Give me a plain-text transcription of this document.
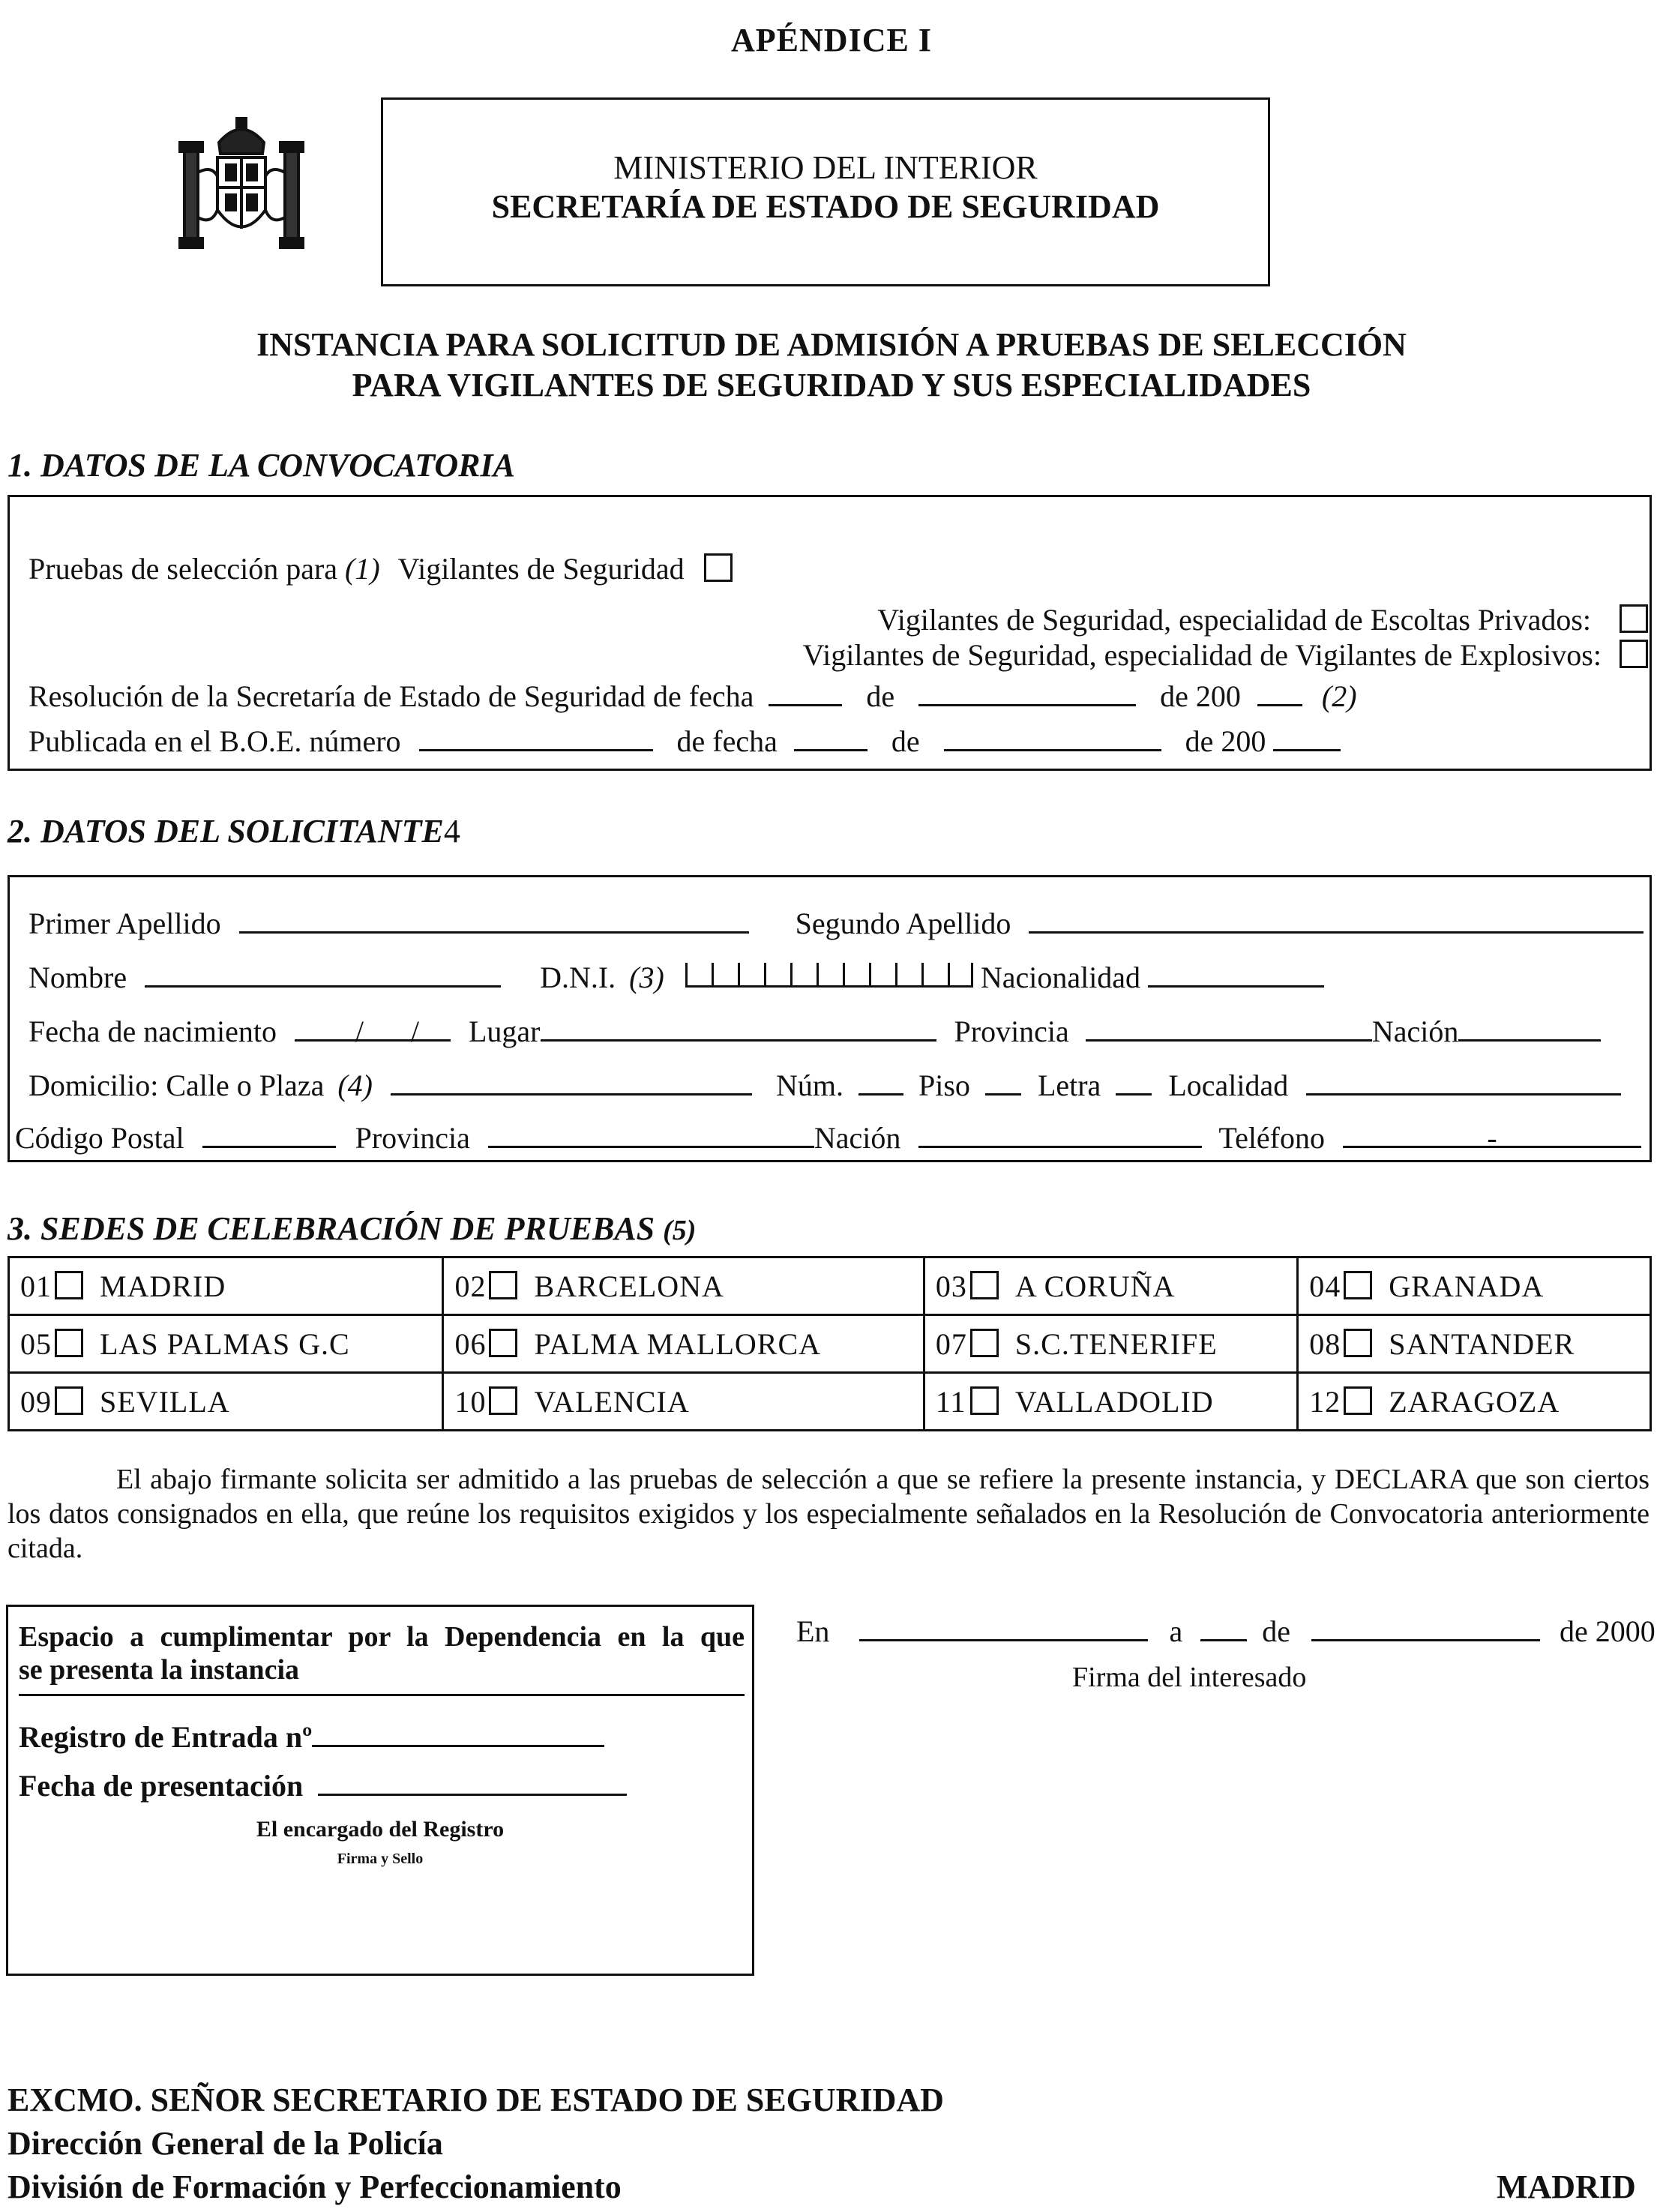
APÉNDICE I
MINISTERIO DEL INTERIOR
SECRETARÍA DE ESTADO DE SEGURIDAD
INSTANCIA PARA SOLICITUD DE ADMISIÓN A PRUEBAS DE SELECCIÓN
PARA VIGILANTES DE SEGURIDAD Y SUS ESPECIALIDADES
1. DATOS DE LA CONVOCATORIA
Pruebas de selección para (1) Vigilantes de Seguridad
Vigilantes de Seguridad, especialidad de Escoltas Privados:
Vigilantes de Seguridad, especialidad de Vigilantes de Explosivos:
Resolución de la Secretaría de Estado de Seguridad de fecha	de	de 200	(2)
Publicada en el B.O.E. número	de fecha	de	de 200
2. DATOS DEL SOLICITANTE4
Primer Apellido	Segundo Apellido
Nombre	D.N.I. (3)	Nacionalidad
Fecha de nacimiento	/ / Lugar	Provincia	Nación
Domicilio: Calle o Plaza (4)	Núm.	Piso Letra Localidad
Código Postal	Provincia	Nación	Teléfono	-
3. SEDES DE CELEBRACIÓN DE PRUEBAS (5)
01 MADRID	02 BARCELONA	03 A CORUÑA	04 GRANADA
05 LAS PALMAS G.C	06 PALMA MALLORCA	07 S.C.TENERIFE	08 SANTANDER
09 SEVILLA	10 VALENCIA	11 VALLADOLID	12 ZARAGOZA

El abajo firmante solicita ser admitido a las pruebas de selección a que se refiere la presente instancia, y DECLARA que son ciertos los datos consignados en ella, que reúne los requisitos exigidos y los especialmente señalados en la Resolución de Convocatoria anteriormente citada.

Espacio a cumplimentar por la Dependencia en la que
se presenta la instancia
Registro de Entrada nº
Fecha de presentación
El encargado del Registro
Firma y Sello
En	a	de	de 2000
Firma del interesado
EXCMO. SEÑOR SECRETARIO DE ESTADO DE SEGURIDAD
Dirección General de la Policía
División de Formación y Perfeccionamiento	MADRID
